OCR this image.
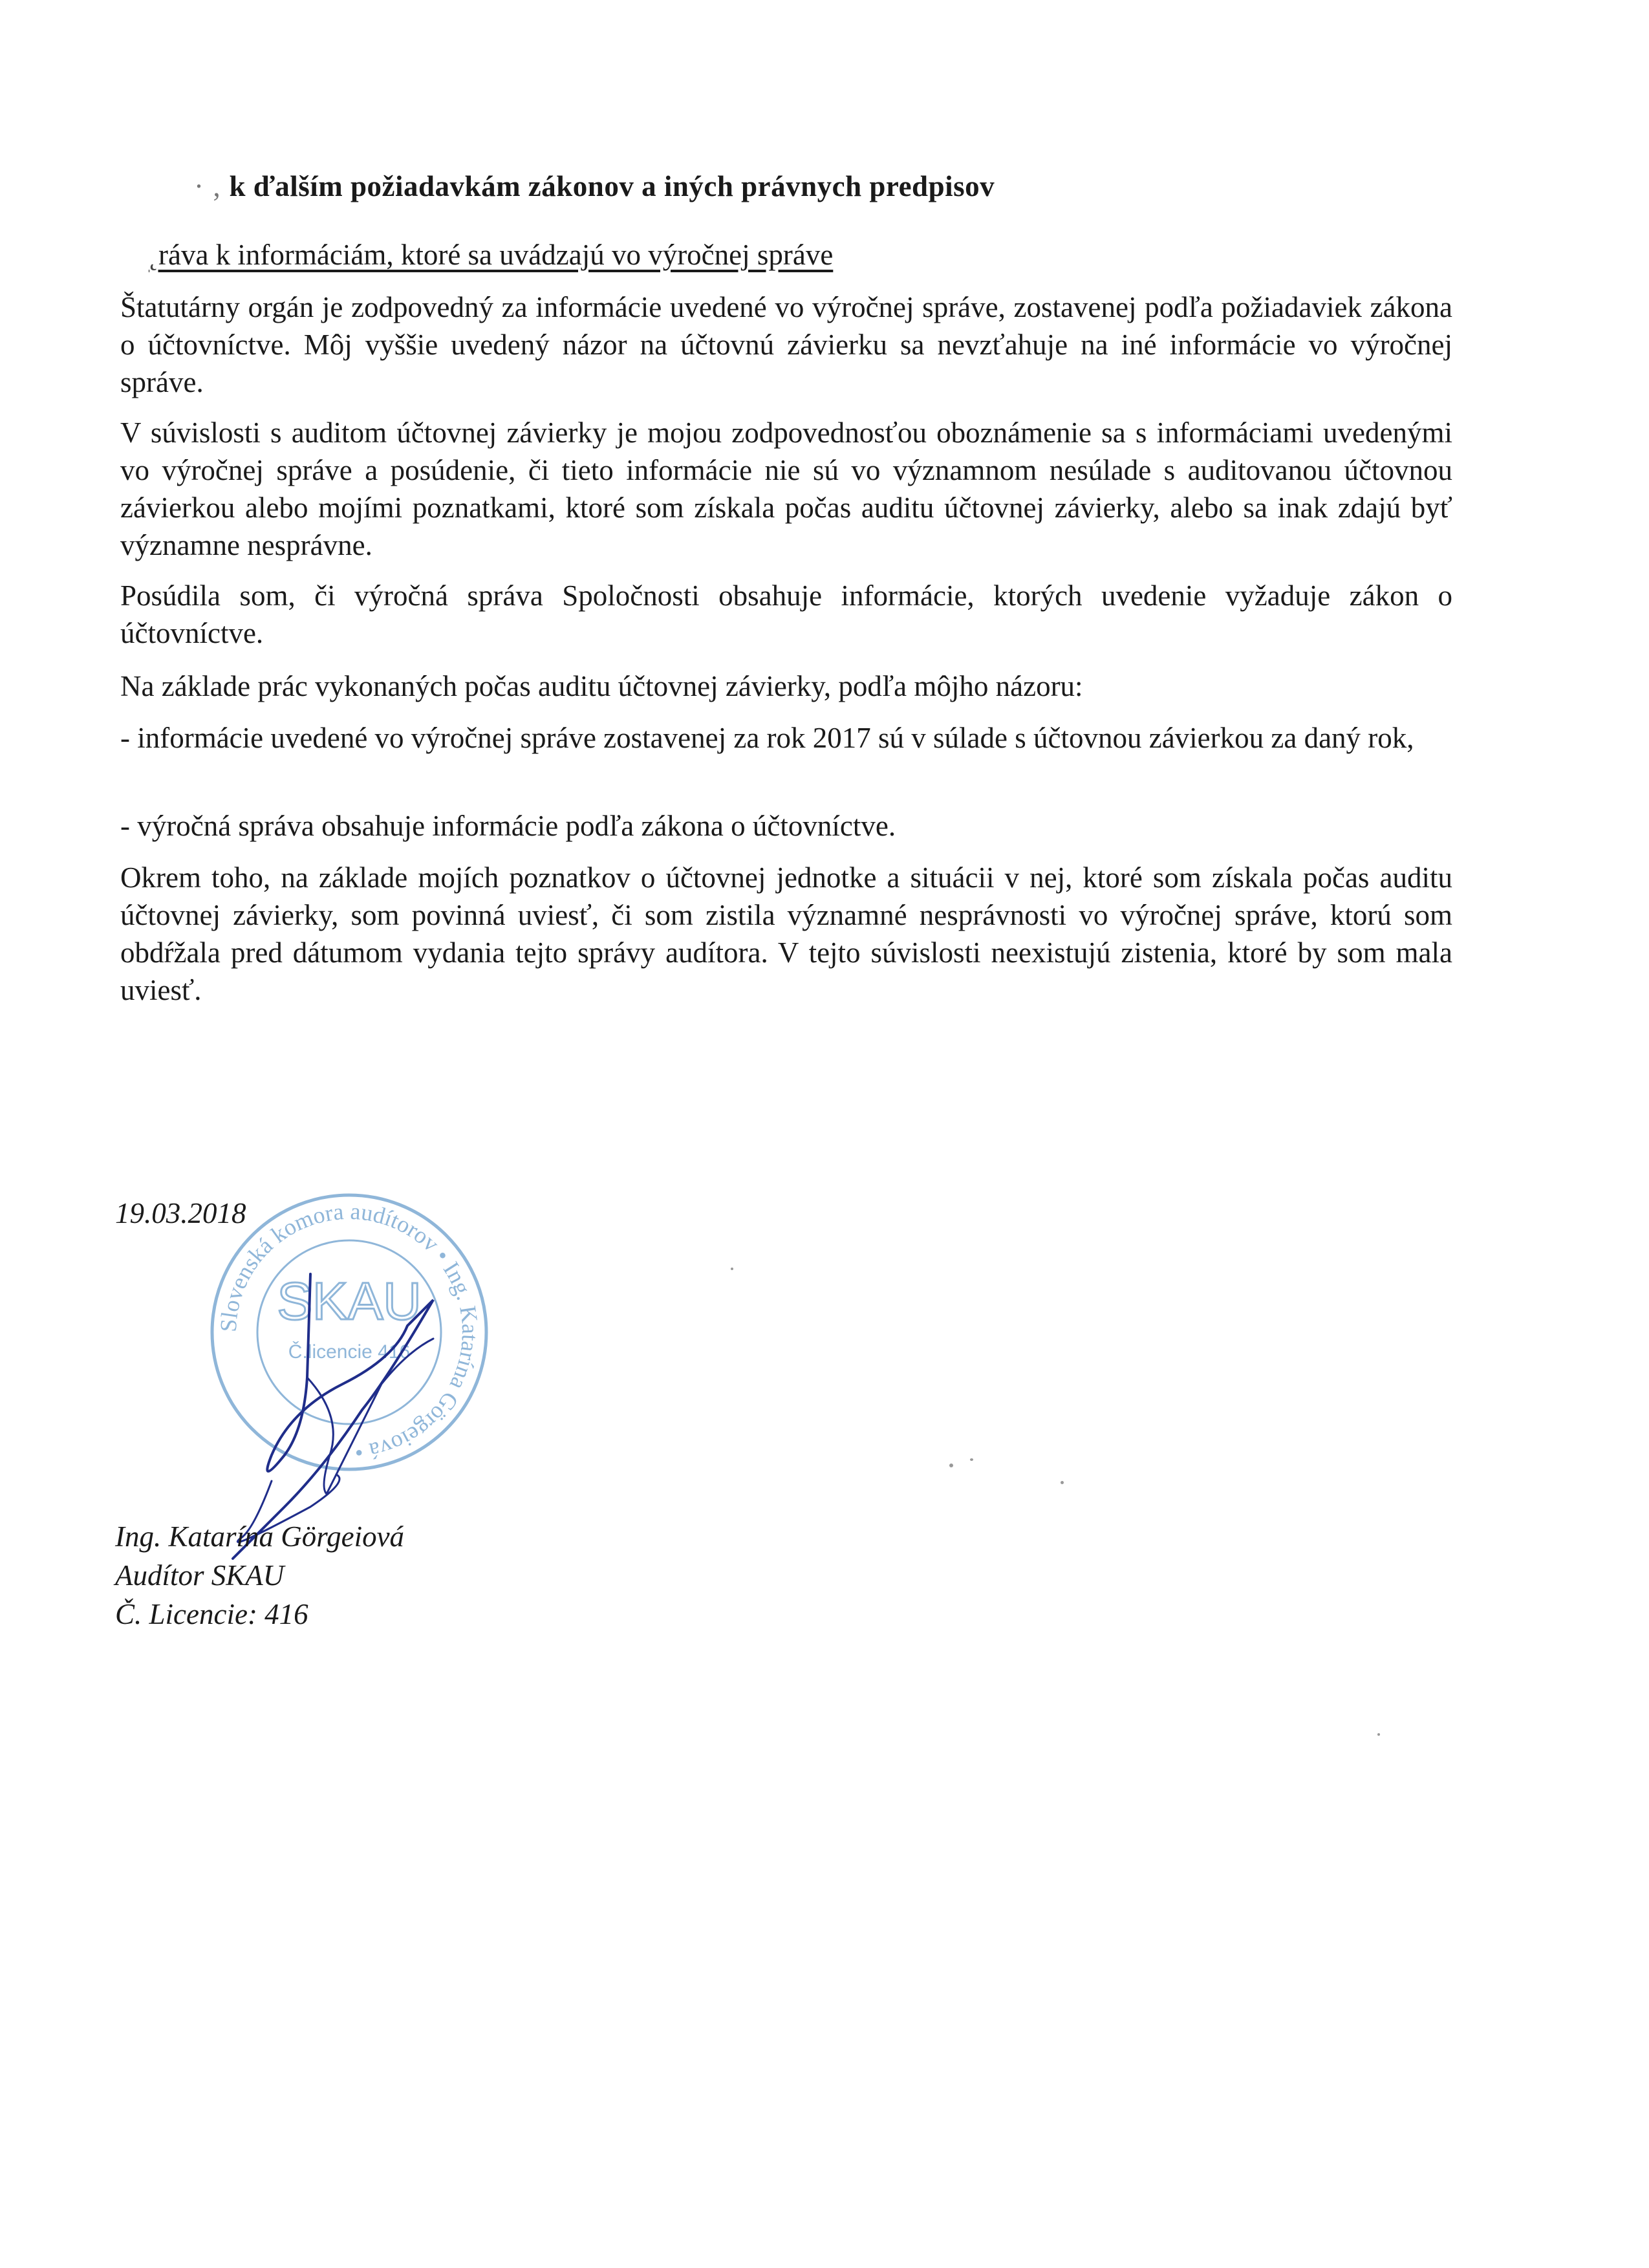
· ‚ k ďalším požiadavkám zákonov a iných právnych predpisov
˛ráva k informáciám, ktoré sa uvádzajú vo výročnej správe

Štatutárny orgán je zodpovedný za informácie uvedené vo výročnej správe, zostavenej podľa požiadaviek zákona o účtovníctve. Môj vyššie uvedený názor na účtovnú závierku sa nevzťahuje na iné informácie vo výročnej správe.

V súvislosti s auditom účtovnej závierky je mojou zodpovednosťou oboznámenie sa s informáciami uvedenými vo výročnej správe a posúdenie, či tieto informácie nie sú vo významnom nesúlade s auditovanou účtovnou závierkou alebo mojími poznatkami, ktoré som získala počas auditu účtovnej závierky, alebo sa inak zdajú byť významne nesprávne.

Posúdila som, či výročná správa Spoločnosti obsahuje informácie, ktorých uvedenie vyžaduje zákon o účtovníctve.

Na základe prác vykonaných počas auditu účtovnej závierky, podľa môjho názoru:

- informácie uvedené vo výročnej správe zostavenej za rok 2017 sú v súlade s účtovnou závierkou za daný rok,

- výročná správa obsahuje informácie podľa zákona o účtovníctve.

Okrem toho, na základe mojích poznatkov o účtovnej jednotke a situácii v nej, ktoré som získala počas auditu účtovnej závierky, som povinná uviesť, či som zistila významné nesprávnosti vo výročnej správe, ktorú som obdŕžala pred dátumom vydania tejto správy audítora. V tejto súvislosti neexistujú zistenia, ktoré by som mala uviesť.

19.03.2018
Slovenská komora audítorov • Ing. Katarína Görgeiová •
SKAU
Č.licencie 416
Ing. Katarína Görgeiová
Audítor SKAU
Č. Licencie: 416
